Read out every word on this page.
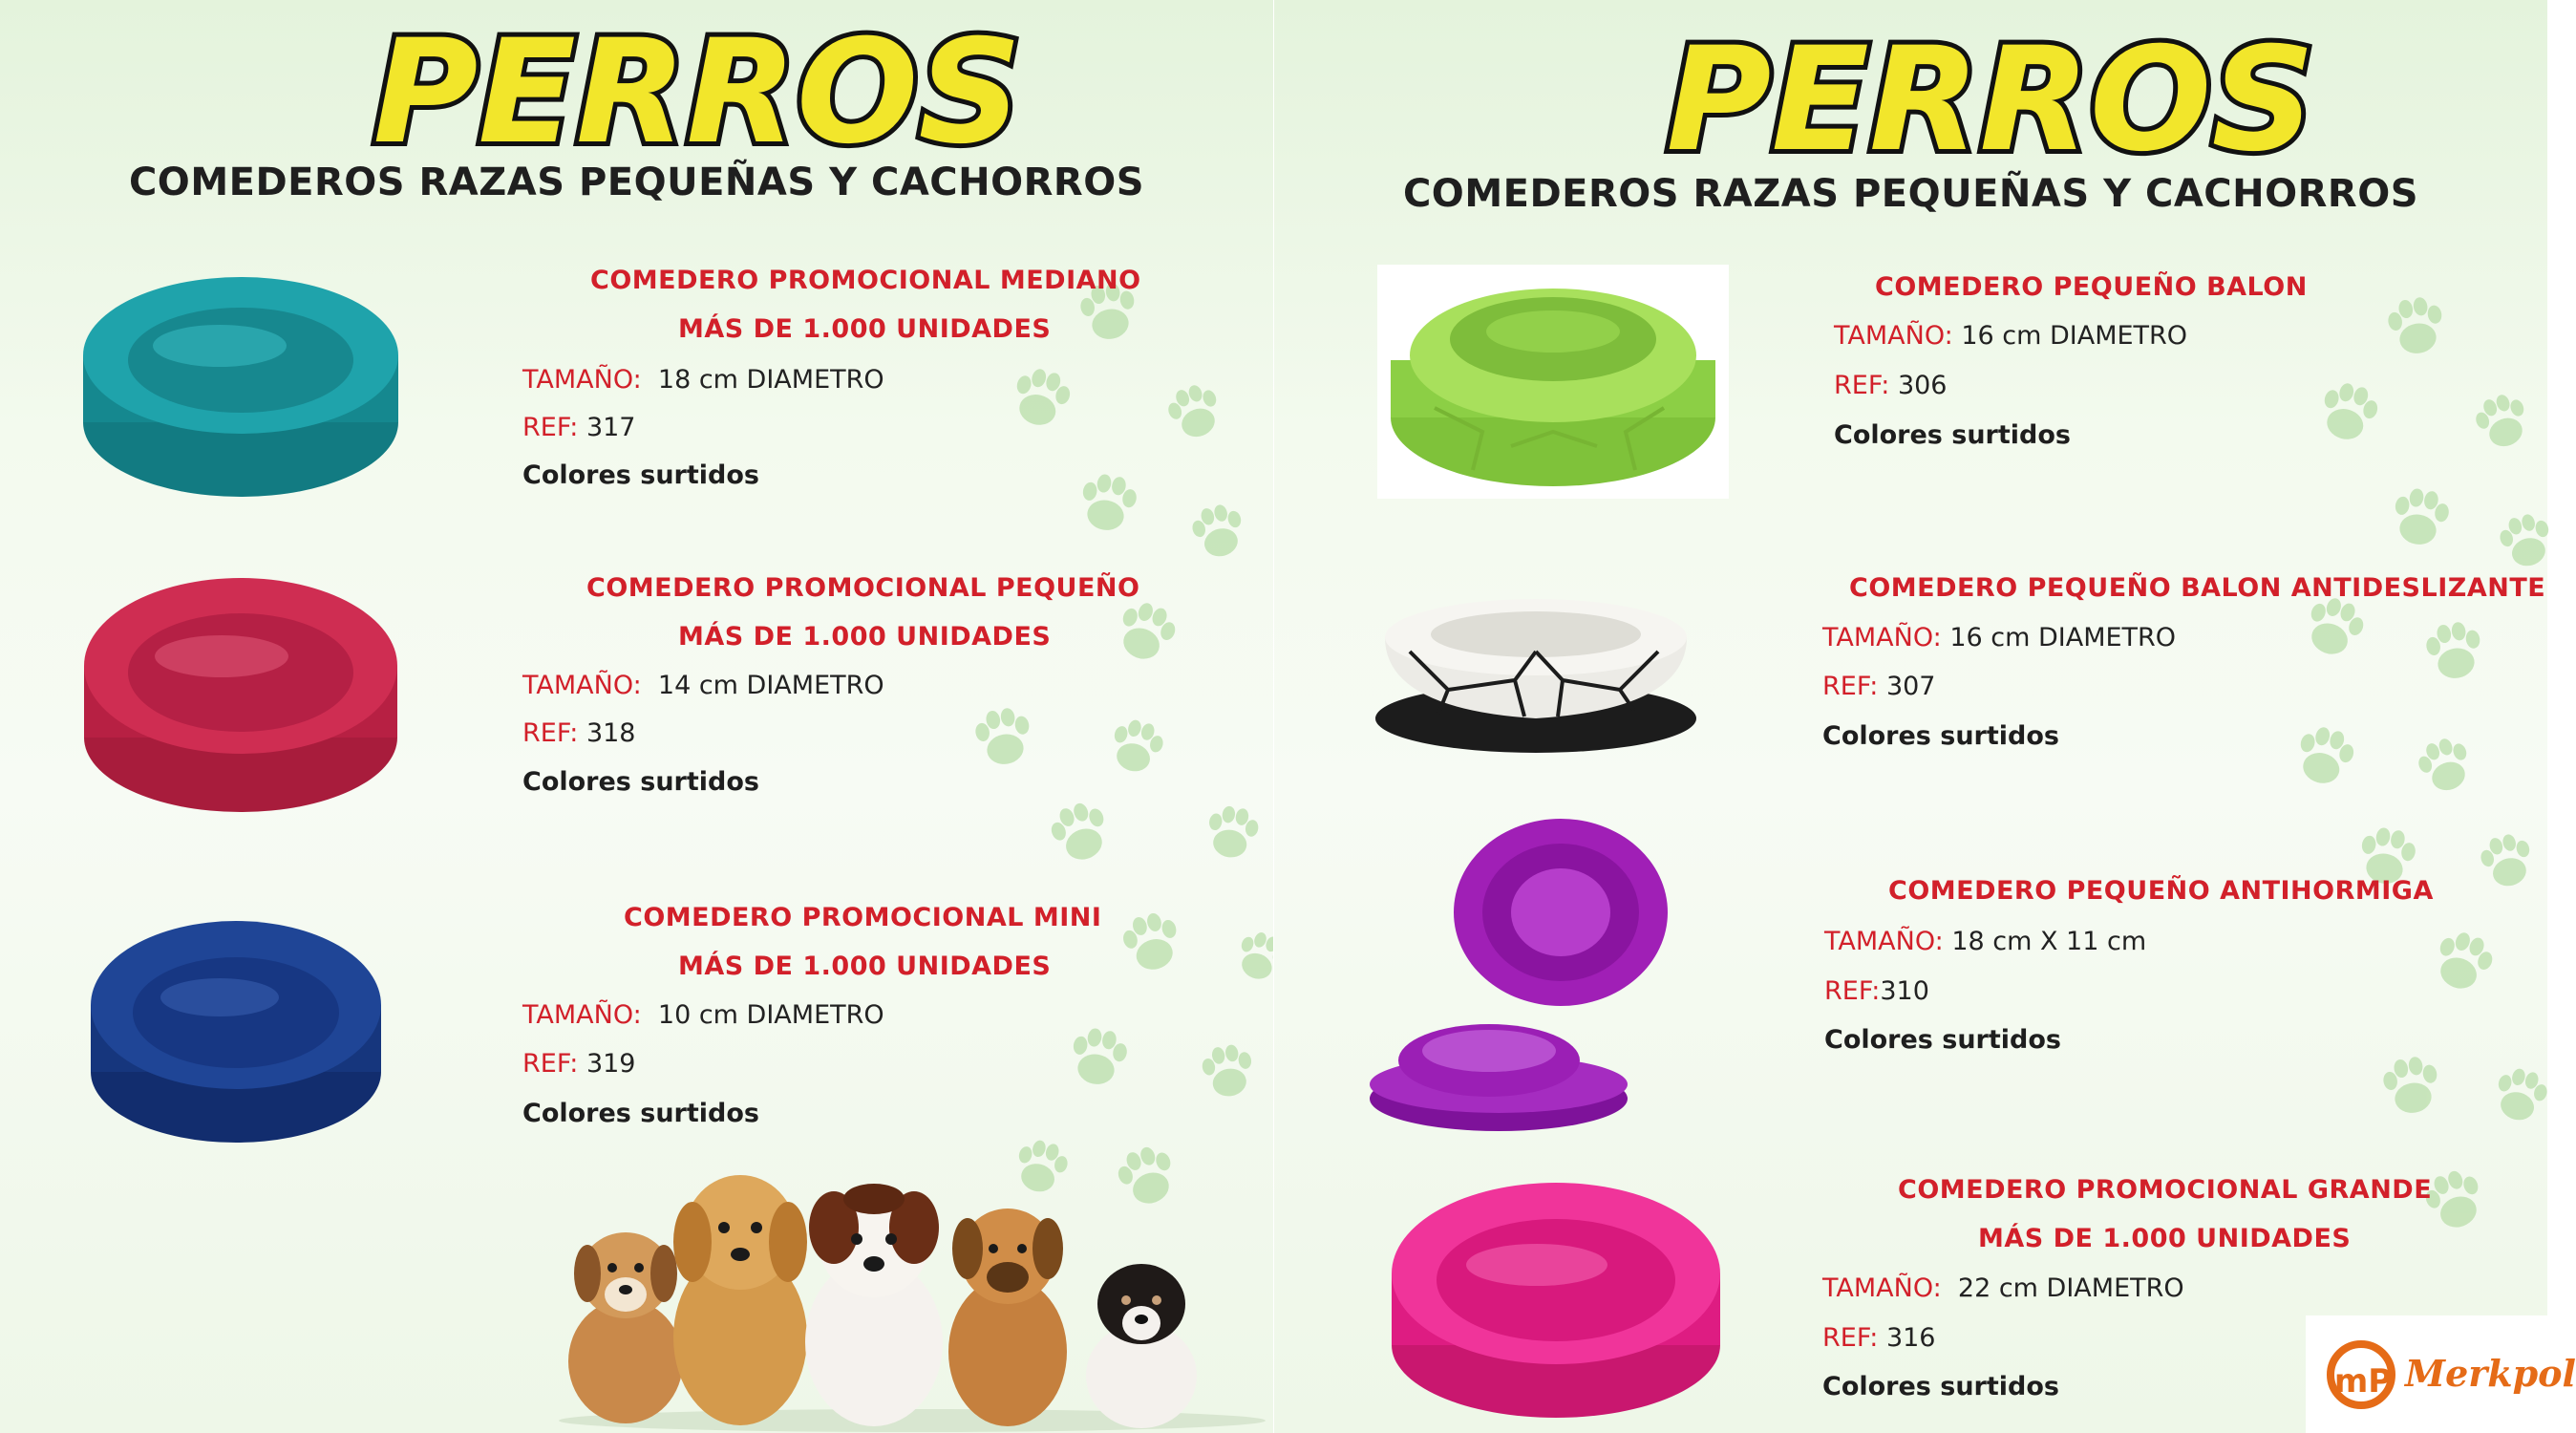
PERROS
COMEDEROS RAZAS PEQUEÑAS Y CACHORROS
COMEDERO PROMOCIONAL MEDIANO
MÁS DE 1.000 UNIDADES
TAMAÑO: 18 cm DIAMETRO
REF: 317
Colores surtidos
COMEDERO PROMOCIONAL PEQUEÑO
MÁS DE 1.000 UNIDADES
TAMAÑO: 14 cm DIAMETRO
REF: 318
Colores surtidos
COMEDERO PROMOCIONAL MINI
MÁS DE 1.000 UNIDADES
TAMAÑO: 10 cm DIAMETRO
REF: 319
Colores surtidos
PERROS
COMEDEROS RAZAS PEQUEÑAS Y CACHORROS
COMEDERO PEQUEÑO BALON
TAMAÑO: 16 cm DIAMETRO
REF: 306
Colores surtidos
COMEDERO PEQUEÑO BALON ANTIDESLIZANTE
TAMAÑO: 16 cm DIAMETRO
REF: 307
Colores surtidos
COMEDERO PEQUEÑO ANTIHORMIGA
TAMAÑO: 18 cm X 11 cm
REF:310
Colores surtidos
COMEDERO PROMOCIONAL GRANDE
MÁS DE 1.000 UNIDADES
TAMAÑO: 22 cm DIAMETRO
REF: 316
Colores surtidos	mP Merkpol
